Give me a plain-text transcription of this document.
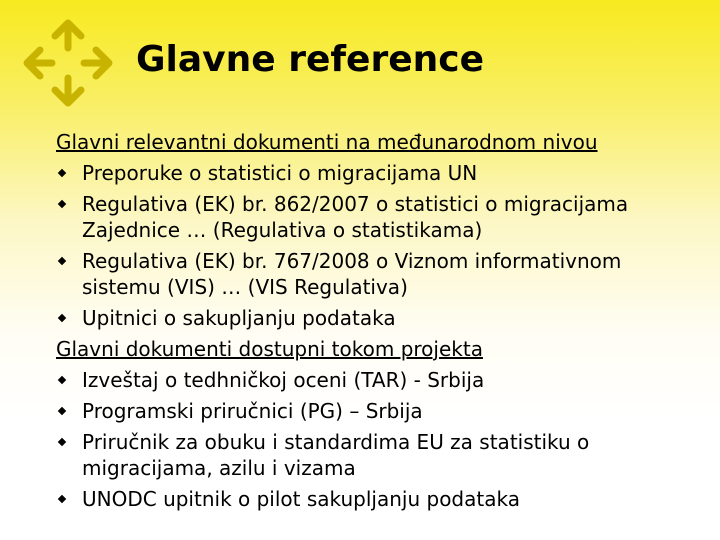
Glavne reference
Glavni relevantni dokumenti na međunarodnom nivou
Preporuke o statistici o migracijama UN
Regulativa (EK) br. 862/2007 o statistici o migracijama Zajednice … (Regulativa o statistikama)
Regulativa (EK) br. 767/2008 o Viznom informativnom sistemu (VIS) … (VIS Regulativa)
Upitnici o sakupljanju podataka
Glavni dokumenti dostupni tokom projekta
Izveštaj o tedhničkoj oceni (TAR) - Srbija
Programski priručnici (PG) – Srbija
Priručnik za obuku i standardima EU za statistiku o migracijama, azilu i vizama
UNODC upitnik o pilot sakupljanju podataka
